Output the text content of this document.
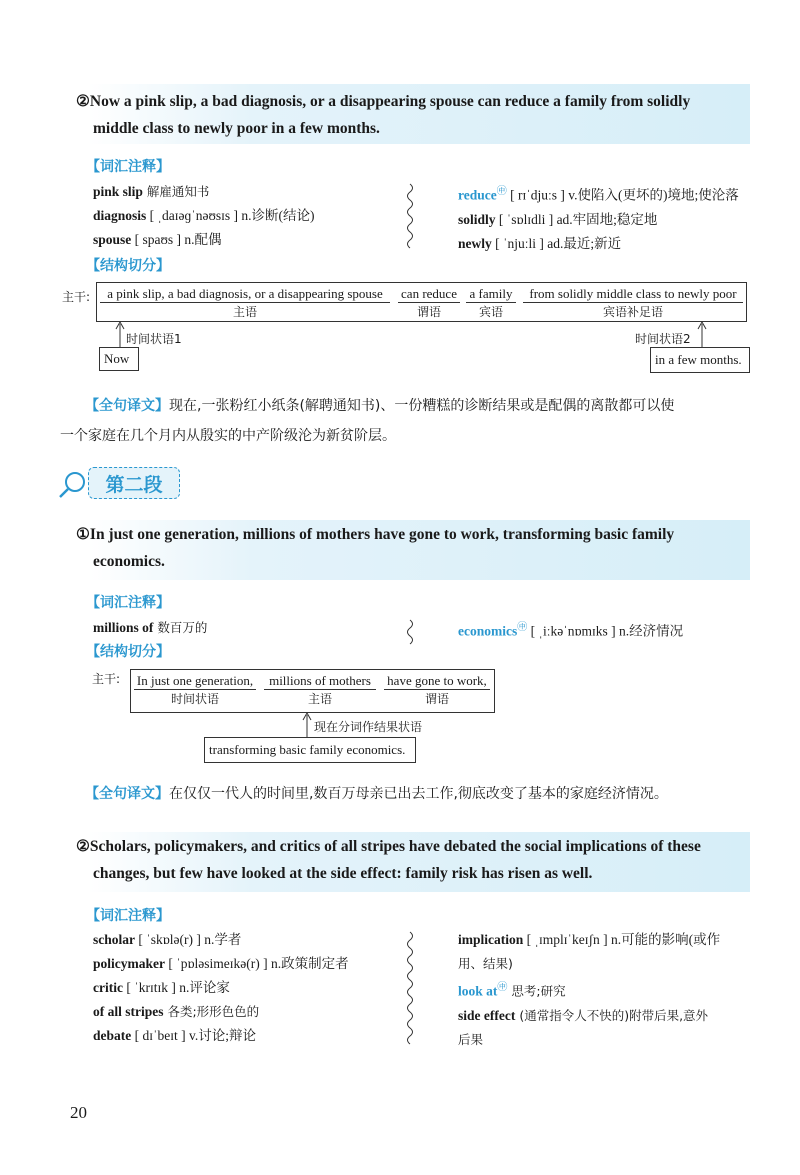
②Now a pink slip, a bad diagnosis, or a disappearing spouse can reduce a family from solidly
middle class to newly poor in a few months.
【词汇注释】
pink slip 解雇通知书
diagnosis [ ˌdaɪəɡˈnəʊsɪs ] n.诊断(结论)
spouse [ spaʊs ] n.配偶
reduce㊥ [ rɪˈdjuːs ] v.使陷入(更坏的)境地;使沦落
solidly [ ˈsɒlɪdli ] ad.牢固地;稳定地
newly [ ˈnjuːli ] ad.最近;新近
【结构切分】
主干:	a pink slip, a bad diagnosis, or a disappearing spouse
主语
can reduce
谓语
a family
宾语
from solidly middle class to newly poor
宾语补足语
时间状语1
Now
时间状语2
in a few months.
【全句译文】现在,一张粉红小纸条(解聘通知书)、一份糟糕的诊断结果或是配偶的离散都可以使
一个家庭在几个月内从殷实的中产阶级沦为新贫阶层。
第二段
①In just one generation, millions of mothers have gone to work, transforming basic family
economics.
【词汇注释】
millions of 数百万的	economics㊥ [ ˌiːkəˈnɒmɪks ] n.经济情况
【结构切分】
主干: In just one generation,
时间状语
millions of mothers
主语
have gone to work,
谓语
现在分词作结果状语
transforming basic family economics.
【全句译文】在仅仅一代人的时间里,数百万母亲已出去工作,彻底改变了基本的家庭经济情况。
②Scholars, policymakers, and critics of all stripes have debated the social implications of these
changes, but few have looked at the side effect: family risk has risen as well.
【词汇注释】
scholar [ ˈskɒlə(r) ] n.学者
policymaker [ ˈpɒləsimeɪkə(r) ] n.政策制定者
critic [ ˈkrɪtɪk ] n.评论家
of all stripes 各类;形形色色的
debate [ dɪˈbeɪt ] v.讨论;辩论
implication [ ˌɪmplɪˈkeɪʃn ] n.可能的影响(或作
用、结果)
look at㊥ 思考;研究
side effect (通常指令人不快的)附带后果,意外
后果
20
